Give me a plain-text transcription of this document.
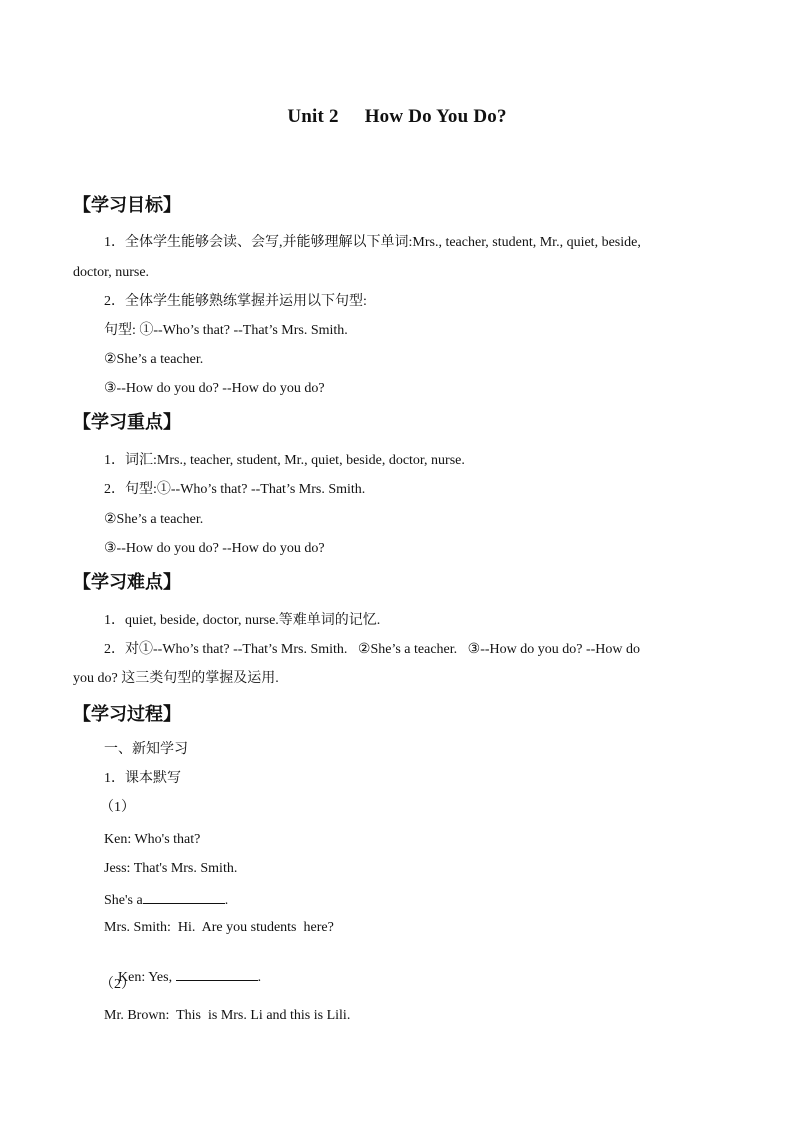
Unit 2 How Do You Do?
【学习目标】
1．全体学生能够会读、会写,并能够理解以下单词:Mrs., teacher, student, Mr., quiet, beside,
doctor, nurse.
2．全体学生能够熟练掌握并运用以下句型:
句型: ①--Who’s that? --That’s Mrs. Smith.
②She’s a teacher.
③--How do you do? --How do you do?
【学习重点】
1．词汇:Mrs., teacher, student, Mr., quiet, beside, doctor, nurse.
2．句型:①--Who’s that? --That’s Mrs. Smith.
②She’s a teacher.
③--How do you do? --How do you do?
【学习难点】
1．quiet, beside, doctor, nurse.等难单词的记忆.
2．对①--Who’s that? --That’s Mrs. Smith.   ②She’s a teacher.   ③--How do you do? --How do
you do? 这三类句型的掌握及运用.
【学习过程】
一、新知学习
1．课本默写
（1）
Ken: Who's that?
Jess: That's Mrs. Smith.
She's a	.
Mrs. Smith:  Hi.  Are you students  here?

Ken: Yes,	.

（2）
Mr. Brown:  This  is Mrs. Li and this is Lili.
